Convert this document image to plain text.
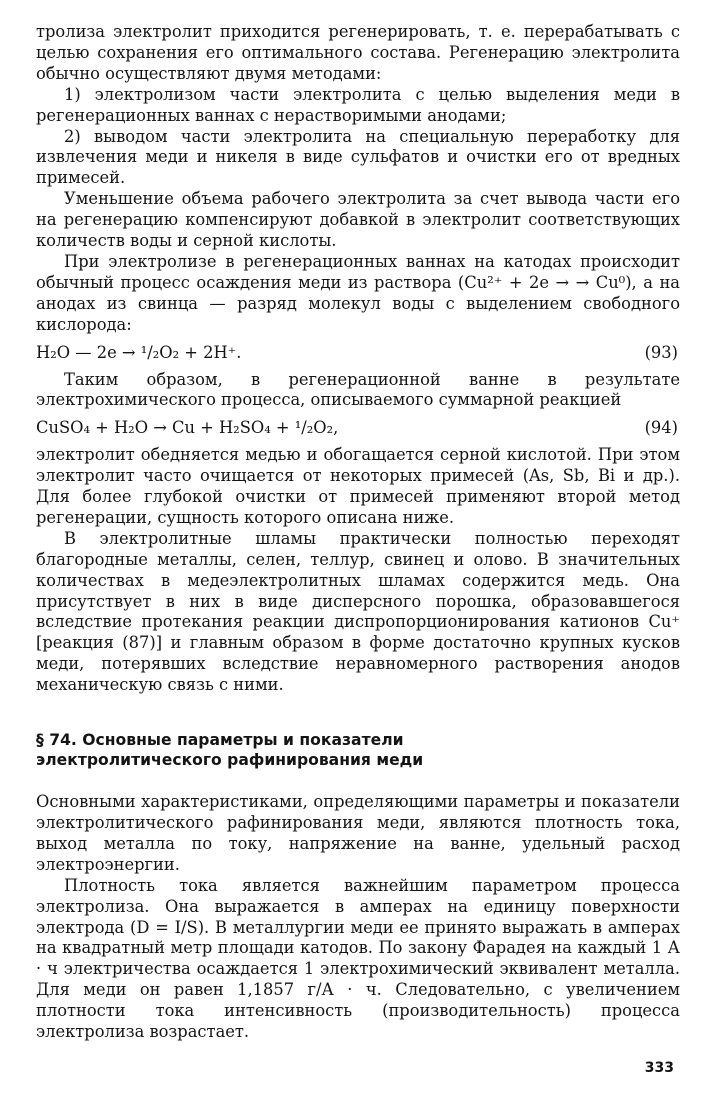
тролиза электролит приходится регенерировать, т. е. перерабатывать с целью сохранения его оптимального состава. Регенерацию электролита обычно осуществляют двумя методами:

1) электролизом части электролита с целью выделения меди в регенерационных ваннах с нерастворимыми анодами;

2) выводом части электролита на специальную переработку для извлечения меди и никеля в виде сульфатов и очистки его от вредных примесей.

Уменьшение объема рабочего электролита за счет вывода части его на регенерацию компенсируют добавкой в электролит соответствующих количеств воды и серной кислоты.

При электролизе в регенерационных ваннах на катодах происходит обычный процесс осаждения меди из раствора (Cu²⁺ + 2e → → Cu⁰), а на анодах из свинца — разряд молекул воды с выделением свободного кислорода:

H₂O — 2e → ¹/₂O₂ + 2H⁺.	(93)

Таким образом, в регенерационной ванне в результате электрохимического процесса, описываемого суммарной реакцией

CuSO₄ + H₂O → Cu + H₂SO₄ + ¹/₂O₂,	(94)

электролит обедняется медью и обогащается серной кислотой. При этом электролит часто очищается от некоторых примесей (As, Sb, Bi и др.). Для более глубокой очистки от примесей применяют второй метод регенерации, сущность которого описана ниже.

В электролитные шламы практически полностью переходят благородные металлы, селен, теллур, свинец и олово. В значительных количествах в медеэлектролитных шламах содержится медь. Она присутствует в них в виде дисперсного порошка, образовавшегося вследствие протекания реакции диспропорционирования катионов Cu⁺ [реакция (87)] и главным образом в форме достаточно крупных кусков меди, потерявших вследствие неравномерного растворения анодов механическую связь с ними.

§ 74. Основные параметры и показатели
электролитического рафинирования меди

Основными характеристиками, определяющими параметры и показатели электролитического рафинирования меди, являются плотность тока, выход металла по току, напряжение на ванне, удельный расход электроэнергии.

Плотность тока является важнейшим параметром процесса электролиза. Она выражается в амперах на единицу поверхности электрода (D = I/S). В металлургии меди ее принято выражать в амперах на квадратный метр площади катодов. По закону Фарадея на каждый 1 А · ч электричества осаждается 1 электрохимический эквивалент металла. Для меди он равен 1,1857 г/А · ч. Следовательно, с увеличением плотности тока интенсивность (производительность) процесса электролиза возрастает.

333
